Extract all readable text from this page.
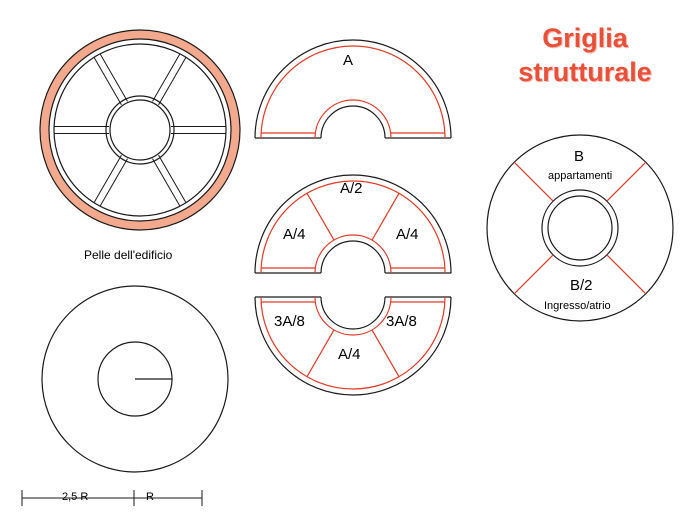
Griglia
strutturale
Pelle dell'edificio
2,5 R	R
A
A/2
A/4	A/4
3A/8	3A/8
A/4
B
appartamenti
B/2
Ingresso/atrio
